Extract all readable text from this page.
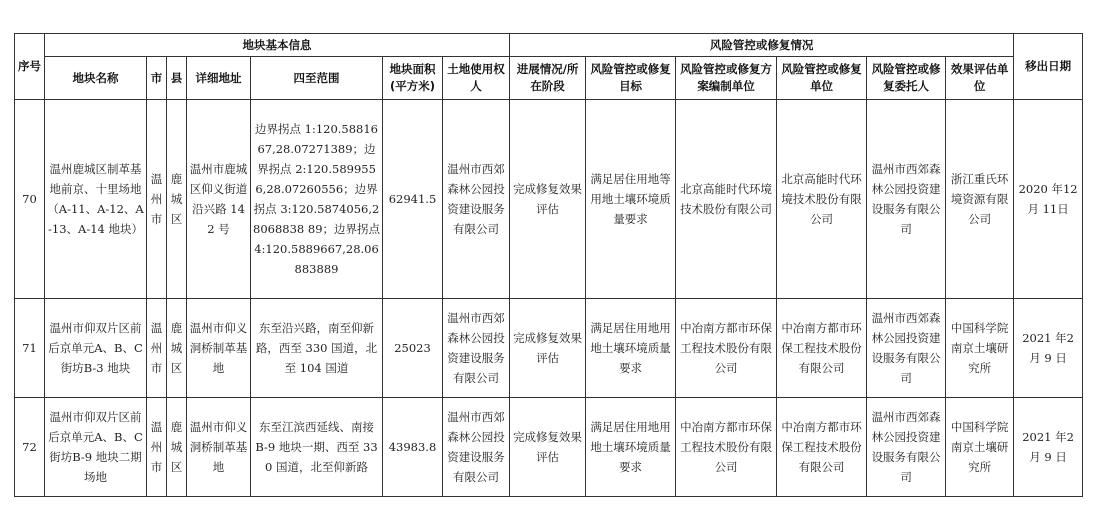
序号	地块基本信息							风险管控或修复情况						移出日期
	地块名称	市	县	详细地址	四至范围	地块面积(平方米)	土地使用权人	进展情况/所在阶段	风险管控或修复目标	风险管控或修复方案编制单位	风险管控或修复单位	风险管控或修复委托人	效果评估单位	
70	温州鹿城区制革基地前京、十里场地（A-11、A-12、A-13、A-14 地块）	温州市	鹿城区	温州市鹿城区仰义街道沿兴路 142 号	边界拐点 1:120.5881667,28.07271389；边界拐点 2:120.5899556,28.07260556；边界拐点 3:120.5874056,28068838 89；边界拐点4:120.5889667,28.06883889	62941.5	温州市西郊森林公园投资建设服务有限公司	完成修复效果评估	满足居住用地等用地土壤环境质量要求	北京高能时代环境技术股份有限公司	北京高能时代环境技术股份有限公司	温州市西郊森林公园投资建设服务有限公司	浙江重氏环境资源有限公司	2020 年12 月 11日
71	温州市仰双片区前后京单元A、B、C 街坊B-3 地块	温州市	鹿城区	温州市仰义洞桥制革基地	东至沿兴路，南至仰新路，西至 330 国道，北至 104 国道	25023	温州市西郊森林公园投资建设服务有限公司	完成修复效果评估	满足居住用地用地土壤环境质量要求	中冶南方都市环保工程技术股份有限公司	中冶南方都市环保工程技术股份有限公司	温州市西郊森林公园投资建设服务有限公司	中国科学院南京土壤研究所	2021 年2 月 9 日
72	温州市仰双片区前后京单元A、B、C 街坊B-9 地块二期场地	温州市	鹿城区	温州市仰义洞桥制革基地	东至江滨西延线、南接 B-9 地块一期、西至 330 国道，北至仰新路	43983.8	温州市西郊森林公园投资建设服务有限公司	完成修复效果评估	满足居住用地用地土壤环境质量要求	中冶南方都市环保工程技术股份有限公司	中冶南方都市环保工程技术股份有限公司	温州市西郊森林公园投资建设服务有限公司	中国科学院南京土壤研究所	2021 年2 月 9 日
